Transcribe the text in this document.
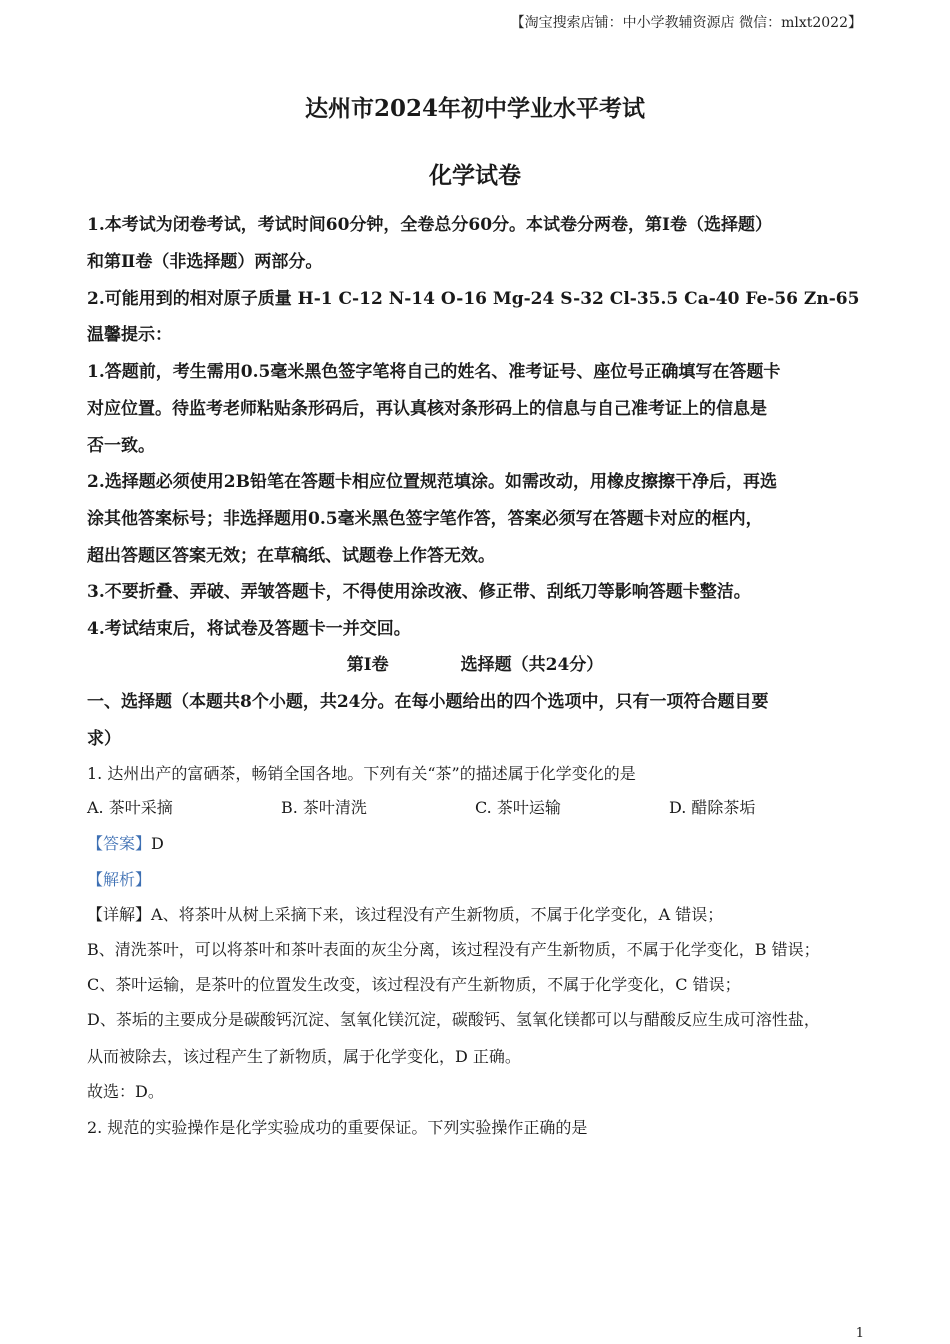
【淘宝搜索店铺：中小学教辅资源店 微信：mlxt2022】
达州市2024年初中学业水平考试
化学试卷
1.本考试为闭卷考试，考试时间60分钟，全卷总分60分。本试卷分两卷，第Ⅰ卷（选择题）
和第Ⅱ卷（非选择题）两部分。
2.可能用到的相对原子质量 H-1 C-12 N-14 O-16 Mg-24 S-32 Cl-35.5 Ca-40 Fe-56 Zn-65
温馨提示：
1.答题前，考生需用0.5毫米黑色签字笔将自己的姓名、准考证号、座位号正确填写在答题卡
对应位置。待监考老师粘贴条形码后，再认真核对条形码上的信息与自己准考证上的信息是
否一致。
2.选择题必须使用2B铅笔在答题卡相应位置规范填涂。如需改动，用橡皮擦擦干净后，再选
涂其他答案标号；非选择题用0.5毫米黑色签字笔作答，答案必须写在答题卡对应的框内，
超出答题区答案无效；在草稿纸、试题卷上作答无效。
3.不要折叠、弄破、弄皱答题卡，不得使用涂改液、修正带、刮纸刀等影响答题卡整洁。
4.考试结束后，将试卷及答题卡一并交回。
第Ⅰ卷	选择题（共24分）
一、选择题（本题共8个小题，共24分。在每小题给出的四个选项中，只有一项符合题目要
求）
1. 达州出产的富硒茶，畅销全国各地。下列有关“茶”的描述属于化学变化的是
A. 茶叶采摘	B. 茶叶清洗	C. 茶叶运输	D. 醋除茶垢
【答案】D
【解析】
【详解】A、将茶叶从树上采摘下来，该过程没有产生新物质，不属于化学变化，A 错误；
B、清洗茶叶，可以将茶叶和茶叶表面的灰尘分离，该过程没有产生新物质，不属于化学变化，B 错误；
C、茶叶运输，是茶叶的位置发生改变，该过程没有产生新物质，不属于化学变化，C 错误；
D、茶垢的主要成分是碳酸钙沉淀、氢氧化镁沉淀，碳酸钙、氢氧化镁都可以与醋酸反应生成可溶性盐，
从而被除去，该过程产生了新物质，属于化学变化，D 正确。
故选：D。
2. 规范的实验操作是化学实验成功的重要保证。下列实验操作正确的是
1
